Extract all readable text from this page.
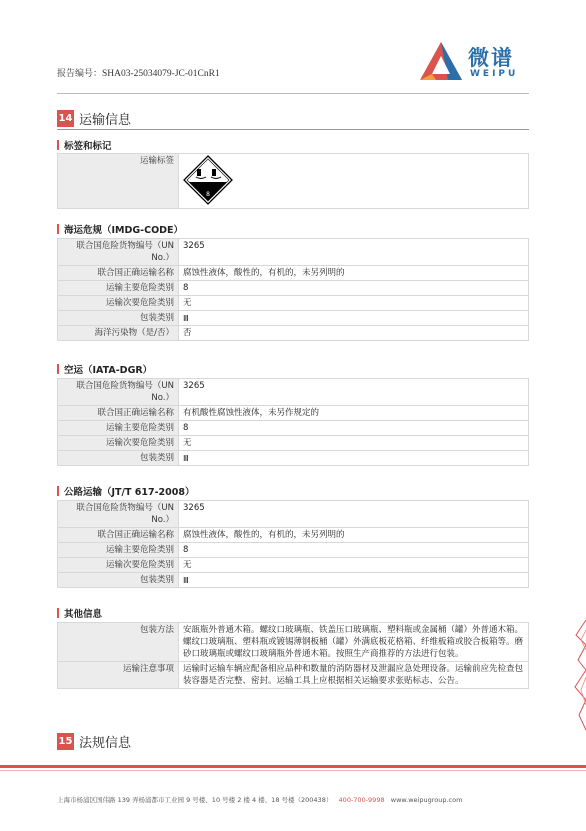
报告编号：SHA03-25034079-JC-01CnR1
微谱
WEIPU
14 运输信息
标签和标记
运输标签	
8
海运危规（IMDG-CODE）
联合国危险货物编号（UN No.）	3265
联合国正确运输名称	腐蚀性液体，酸性的，有机的，未另列明的
运输主要危险类别	8
运输次要危险类别	无
包装类别	Ⅲ
海洋污染物（是/否）	否
空运（IATA-DGR）
联合国危险货物编号（UN No.）	3265
联合国正确运输名称	有机酸性腐蚀性液体，未另作规定的
运输主要危险类别	8
运输次要危险类别	无
包装类别	Ⅲ
公路运输（JT/T 617-2008）
联合国危险货物编号（UN No.）	3265
联合国正确运输名称	腐蚀性液体，酸性的，有机的，未另列明的
运输主要危险类别	8
运输次要危险类别	无
包装类别	Ⅲ
其他信息
包装方法	安瓿瓶外普通木箱。螺纹口玻璃瓶、铁盖压口玻璃瓶、塑料瓶或金属桶（罐）外普通木箱。螺纹口玻璃瓶、塑料瓶或镀锡薄钢板桶（罐）外满底板花格箱、纤维板箱或胶合板箱等。磨砂口玻璃瓶或螺纹口玻璃瓶外普通木箱。按照生产商推荐的方法进行包装。
运输注意事项	运输时运输车辆应配备相应品种和数量的消防器材及泄漏应急处理设备。运输前应先检查包装容器是否完整、密封。运输工具上应根据相关运输要求张贴标志、公告。
15 法规信息
上海市杨浦区国伟路 139 弄杨浦都市工业园 9 号楼、10 号楼 2 楼 4 楼、18 号楼（200438） 400-700-9998 www.weipugroup.com
